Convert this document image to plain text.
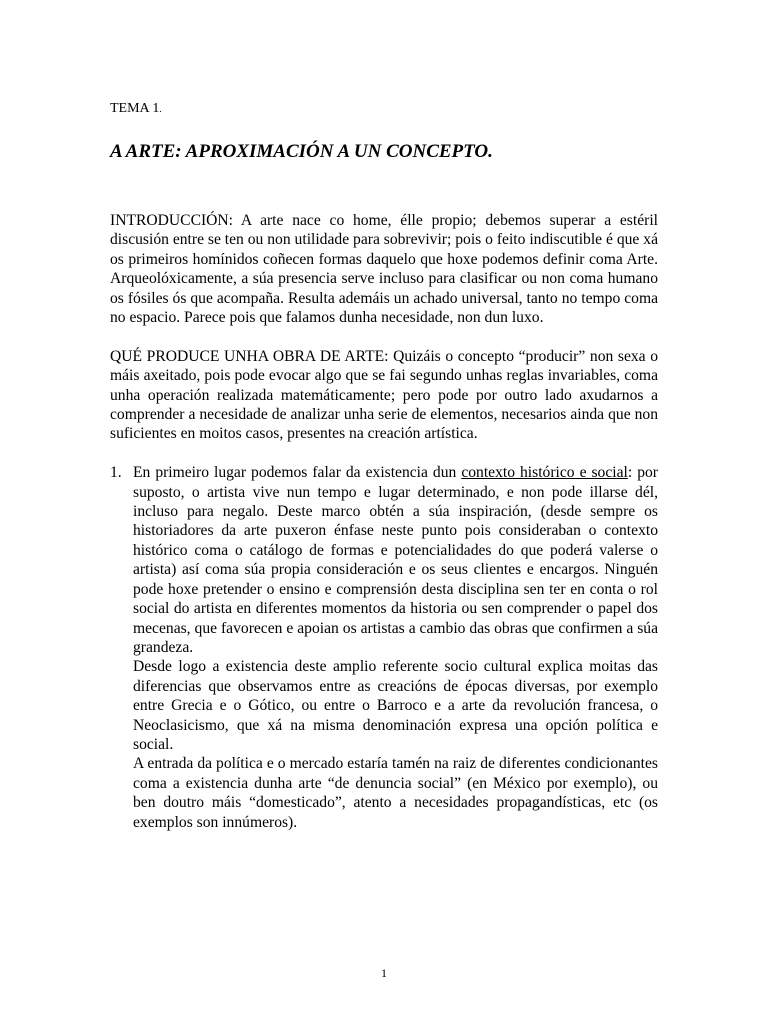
TEMA 1.
A ARTE: APROXIMACIÓN A UN CONCEPTO.

INTRODUCCIÓN: A arte nace co home, élle propio; debemos superar a estéril discusión entre se ten ou non utilidade para sobrevivir; pois o feito indiscutible é que xá os primeiros homínidos coñecen formas daquelo que hoxe podemos definir coma Arte. Arqueolóxicamente, a súa presencia serve incluso para clasificar ou non coma humano os fósiles ós que acompaña. Resulta ademáis un achado universal, tanto no tempo coma no espacio. Parece pois que falamos dunha necesidade, non dun luxo.

QUÉ PRODUCE UNHA OBRA DE ARTE: Quizáis o concepto “producir” non sexa o máis axeitado, pois pode evocar algo que se fai segundo unhas reglas invariables, coma unha operación realizada matemáticamente; pero pode por outro lado axudarnos a comprender a necesidade de analizar unha serie de elementos, necesarios ainda que non suficientes en moitos casos, presentes na creación artística.

1. En primeiro lugar podemos falar da existencia dun contexto histórico e social: por suposto, o artista vive nun tempo e lugar determinado, e non pode illarse dél, incluso para negalo. Deste marco obtén a súa inspiración, (desde sempre os historiadores da arte puxeron énfase neste punto pois consideraban o contexto histórico coma o catálogo de formas e potencialidades do que poderá valerse o artista) así coma súa propia consideración e os seus clientes e encargos. Ninguén pode hoxe pretender o ensino e comprensión desta disciplina sen ter en conta o rol social do artista en diferentes momentos da historia ou sen comprender o papel dos mecenas, que favorecen e apoian os artistas a cambio das obras que confirmen a súa grandeza.

Desde logo a existencia deste amplio referente socio cultural explica moitas das diferencias que observamos entre as creacións de épocas diversas, por exemplo entre Grecia e o Gótico, ou entre o Barroco e a arte da revolución francesa, o Neoclasicismo, que xá na misma denominación expresa una opción política e social.

A entrada da política e o mercado estaría tamén na raiz de diferentes condicionantes coma a existencia dunha arte “de denuncia social” (en México por exemplo), ou ben doutro máis “domesticado”, atento a necesidades propagandísticas, etc (os exemplos son innúmeros).

1
